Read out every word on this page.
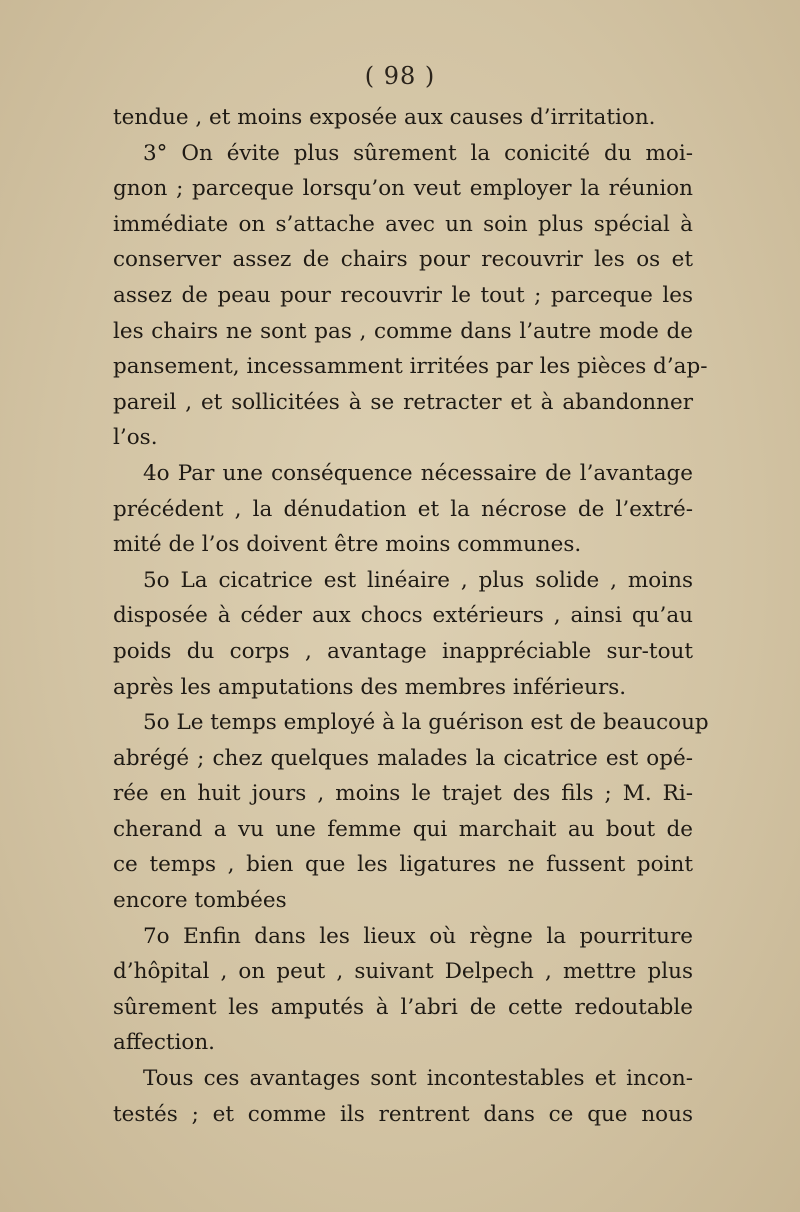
( 98 )

tendue , et moins exposée aux causes d’irritation.

3° On évite plus sûrement la conicité du moi-
gnon ; parceque lorsqu’on veut employer la réunion
immédiate on s’attache avec un soin plus spécial à
conserver assez de chairs pour recouvrir les os et
assez de peau pour recouvrir le tout ; parceque les
les chairs ne sont pas , comme dans l’autre mode de
pansement, incessamment irritées par les pièces d’ap-
pareil , et sollicitées à se retracter et à abandonner
l’os.

4o Par une conséquence nécessaire de l’avantage
précédent , la dénudation et la nécrose de l’extré-
mité de l’os doivent être moins communes.

5o La cicatrice est linéaire , plus solide , moins
disposée à céder aux chocs extérieurs , ainsi qu’au
poids du corps , avantage inappréciable sur-tout
après les amputations des membres inférieurs.

5o Le temps employé à la guérison est de beaucoup
abrégé ; chez quelques malades la cicatrice est opé-
rée en huit jours , moins le trajet des fils ; M. Ri-
cherand a vu une femme qui marchait au bout de
ce temps , bien que les ligatures ne fussent point
encore tombées

7o Enfin dans les lieux où règne la pourriture
d’hôpital , on peut , suivant Delpech , mettre plus
sûrement les amputés à l’abri de cette redoutable
affection.

Tous ces avantages sont incontestables et incon-
testés ; et comme ils rentrent dans ce que nous
